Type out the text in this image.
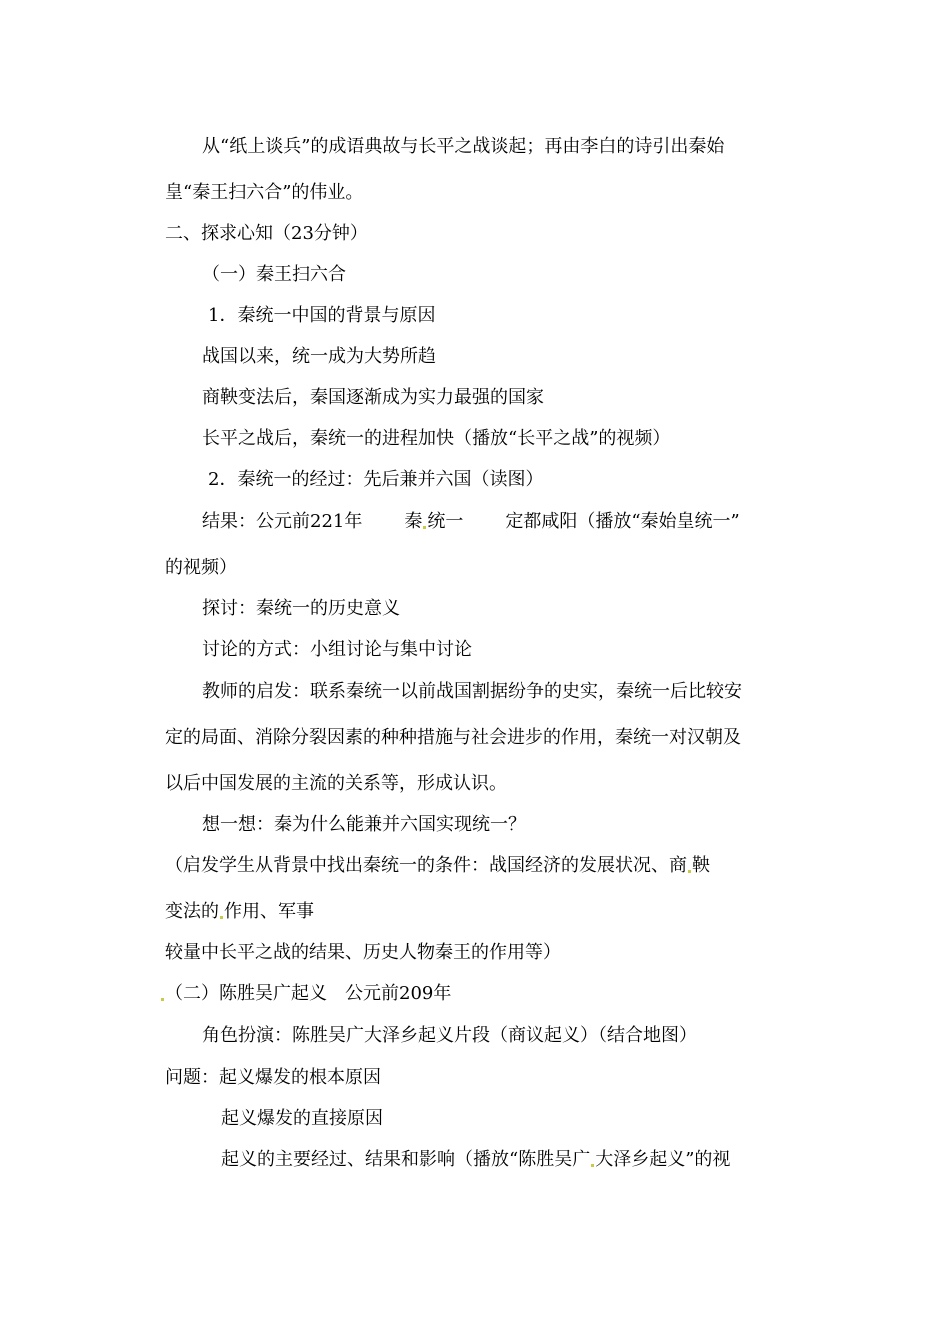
从“纸上谈兵”的成语典故与长平之战谈起；再由李白的诗引出秦始
皇“秦王扫六合”的伟业。
二、探求心知（23分钟）
（一）秦王扫六合
1．秦统一中国的背景与原因
战国以来，统一成为大势所趋
商鞅变法后，秦国逐渐成为实力最强的国家
长平之战后，秦统一的进程加快（播放“长平之战”的视频）
2．秦统一的经过：先后兼并六国（读图）
结果：公元前221年 秦 统一 定都咸阳（播放“秦始皇统一”
的视频）
探讨：秦统一的历史意义
讨论的方式：小组讨论与集中讨论
教师的启发：联系秦统一以前战国割据纷争的史实，秦统一后比较安
定的局面、消除分裂因素的种种措施与社会进步的作用，秦统一对汉朝及
以后中国发展的主流的关系等，形成认识。
想一想：秦为什么能兼并六国实现统一？
（启发学生从背景中找出秦统一的条件：战国经济的发展状况、商 鞅
变法的 作用、军事
较量中长平之战的结果、历史人物秦王的作用等）
（二）陈胜吴广起义　公元前209年
角色扮演：陈胜吴广大泽乡起义片段（商议起义）（结合地图）
问题：起义爆发的根本原因
起义爆发的直接原因
起义的主要经过、结果和影响（播放“陈胜吴广 大泽乡起义”的视
